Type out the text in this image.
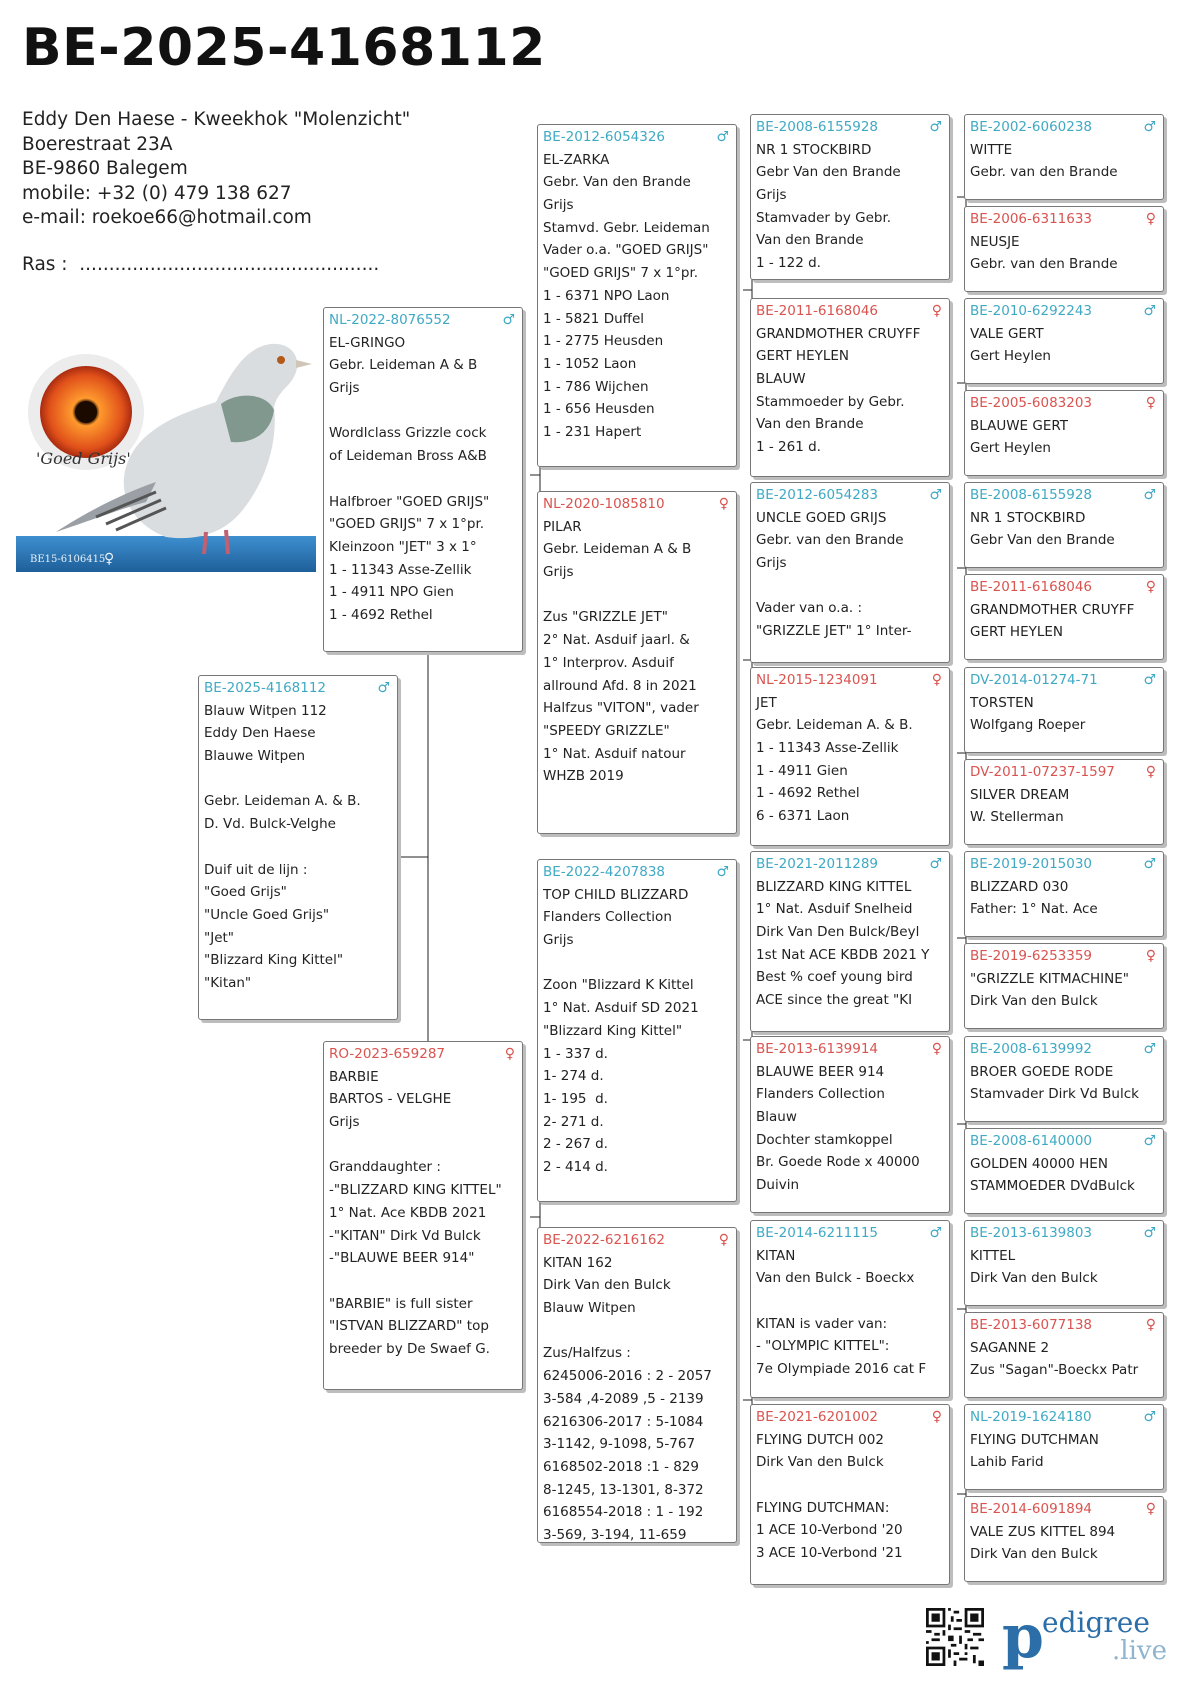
BE-2025-4168112
Eddy Den Haese - Kweekhok "Molenzicht"
Boerestraat 23A
BE-9860 Balegem
mobile: +32 (0) 479 138 627
e-mail: roekoe66@hotmail.com
Ras :  ...................................................
'Goed Grijs'
BE15-6106415
♀
BE-2025-4168112	♂
Blauw Witpen 112
Eddy Den Haese
Blauwe Witpen
Gebr. Leideman A. & B.
D. Vd. Bulck-Velghe
Duif uit de lijn :
"Goed Grijs"
"Uncle Goed Grijs"
"Jet"
"Blizzard King Kittel"
"Kitan"
NL-2022-8076552	♂
EL-GRINGO
Gebr. Leideman A & B
Grijs
Wordlclass Grizzle cock
of Leideman Bross A&B
Halfbroer "GOED GRIJS"
"GOED GRIJS" 7 x 1°pr.
Kleinzoon "JET" 3 x 1°
1 - 11343 Asse-Zellik
1 - 4911 NPO Gien
1 - 4692 Rethel
RO-2023-659287	♀
BARBIE
BARTOS - VELGHE
Grijs
Granddaughter :
-"BLIZZARD KING KITTEL"
1° Nat. Ace KBDB 2021
-"KITAN" Dirk Vd Bulck
-"BLAUWE BEER 914"
"BARBIE" is full sister
"ISTVAN BLIZZARD" top
breeder by De Swaef G.
BE-2012-6054326	♂
EL-ZARKA
Gebr. Van den Brande
Grijs
Stamvd. Gebr. Leideman
Vader o.a. "GOED GRIJS"
"GOED GRIJS" 7 x 1°pr.
1 - 6371 NPO Laon
1 - 5821 Duffel
1 - 2775 Heusden
1 - 1052 Laon
1 - 786 Wijchen
1 - 656 Heusden
1 - 231 Hapert
NL-2020-1085810	♀
PILAR
Gebr. Leideman A & B
Grijs
Zus "GRIZZLE JET"
2° Nat. Asduif jaarl. &
1° Interprov. Asduif
allround Afd. 8 in 2021
Halfzus "VITON", vader
"SPEEDY GRIZZLE"
1° Nat. Asduif natour
WHZB 2019
BE-2022-4207838	♂
TOP CHILD BLIZZARD
Flanders Collection
Grijs
Zoon "Blizzard K Kittel
1° Nat. Asduif SD 2021
"Blizzard King Kittel"
1 - 337 d.
1- 274 d.
1- 195  d.
2- 271 d.
2 - 267 d.
2 - 414 d.
BE-2022-6216162	♀
KITAN 162
Dirk Van den Bulck
Blauw Witpen
Zus/Halfzus :
6245006-2016 : 2 - 2057
3-584 ,4-2089 ,5 - 2139
6216306-2017 : 5-1084
3-1142, 9-1098, 5-767
6168502-2018 :1 - 829
8-1245, 13-1301, 8-372
6168554-2018 : 1 - 192
3-569, 3-194, 11-659
BE-2008-6155928	♂
NR 1 STOCKBIRD
Gebr Van den Brande
Grijs
Stamvader by Gebr.
Van den Brande
1 - 122 d.
BE-2011-6168046	♀
GRANDMOTHER CRUYFF
GERT HEYLEN
BLAUW
Stammoeder by Gebr.
Van den Brande
1 - 261 d.
BE-2012-6054283	♂
UNCLE GOED GRIJS
Gebr. van den Brande
Grijs
Vader van o.a. :
"GRIZZLE JET" 1° Inter-
NL-2015-1234091	♀
JET
Gebr. Leideman A. & B.
1 - 11343 Asse-Zellik
1 - 4911 Gien
1 - 4692 Rethel
6 - 6371 Laon
BE-2021-2011289	♂
BLIZZARD KING KITTEL
1° Nat. Asduif Snelheid
Dirk Van Den Bulck/Beyl
1st Nat ACE KBDB 2021 Y
Best % coef young bird
ACE since the great "KI
BE-2013-6139914	♀
BLAUWE BEER 914
Flanders Collection
Blauw
Dochter stamkoppel
Br. Goede Rode x 40000
Duivin
BE-2014-6211115	♂
KITAN
Van den Bulck - Boeckx
KITAN is vader van:
- "OLYMPIC KITTEL":
7e Olympiade 2016 cat F
BE-2021-6201002	♀
FLYING DUTCH 002
Dirk Van den Bulck
FLYING DUTCHMAN:
1 ACE 10-Verbond '20
3 ACE 10-Verbond '21
BE-2002-6060238	♂
WITTE
Gebr. van den Brande
BE-2006-6311633	♀
NEUSJE
Gebr. van den Brande
BE-2010-6292243	♂
VALE GERT
Gert Heylen
BE-2005-6083203	♀
BLAUWE GERT
Gert Heylen
BE-2008-6155928	♂
NR 1 STOCKBIRD
Gebr Van den Brande
BE-2011-6168046	♀
GRANDMOTHER CRUYFF
GERT HEYLEN
DV-2014-01274-71	♂
TORSTEN
Wolfgang Roeper
DV-2011-07237-1597	♀
SILVER DREAM
W. Stellerman
BE-2019-2015030	♂
BLIZZARD 030
Father: 1° Nat. Ace
BE-2019-6253359	♀
"GRIZZLE KITMACHINE"
Dirk Van den Bulck
BE-2008-6139992	♂
BROER GOEDE RODE
Stamvader Dirk Vd Bulck
BE-2008-6140000	♂
GOLDEN 40000 HEN
STAMMOEDER DVdBulck
BE-2013-6139803	♂
KITTEL
Dirk Van den Bulck
BE-2013-6077138	♀
SAGANNE 2
Zus "Sagan"-Boeckx Patr
NL-2019-1624180	♂
FLYING DUTCHMAN
Lahib Farid
BE-2014-6091894	♀
VALE ZUS KITTEL 894
Dirk Van den Bulck
p
edigree
.live
